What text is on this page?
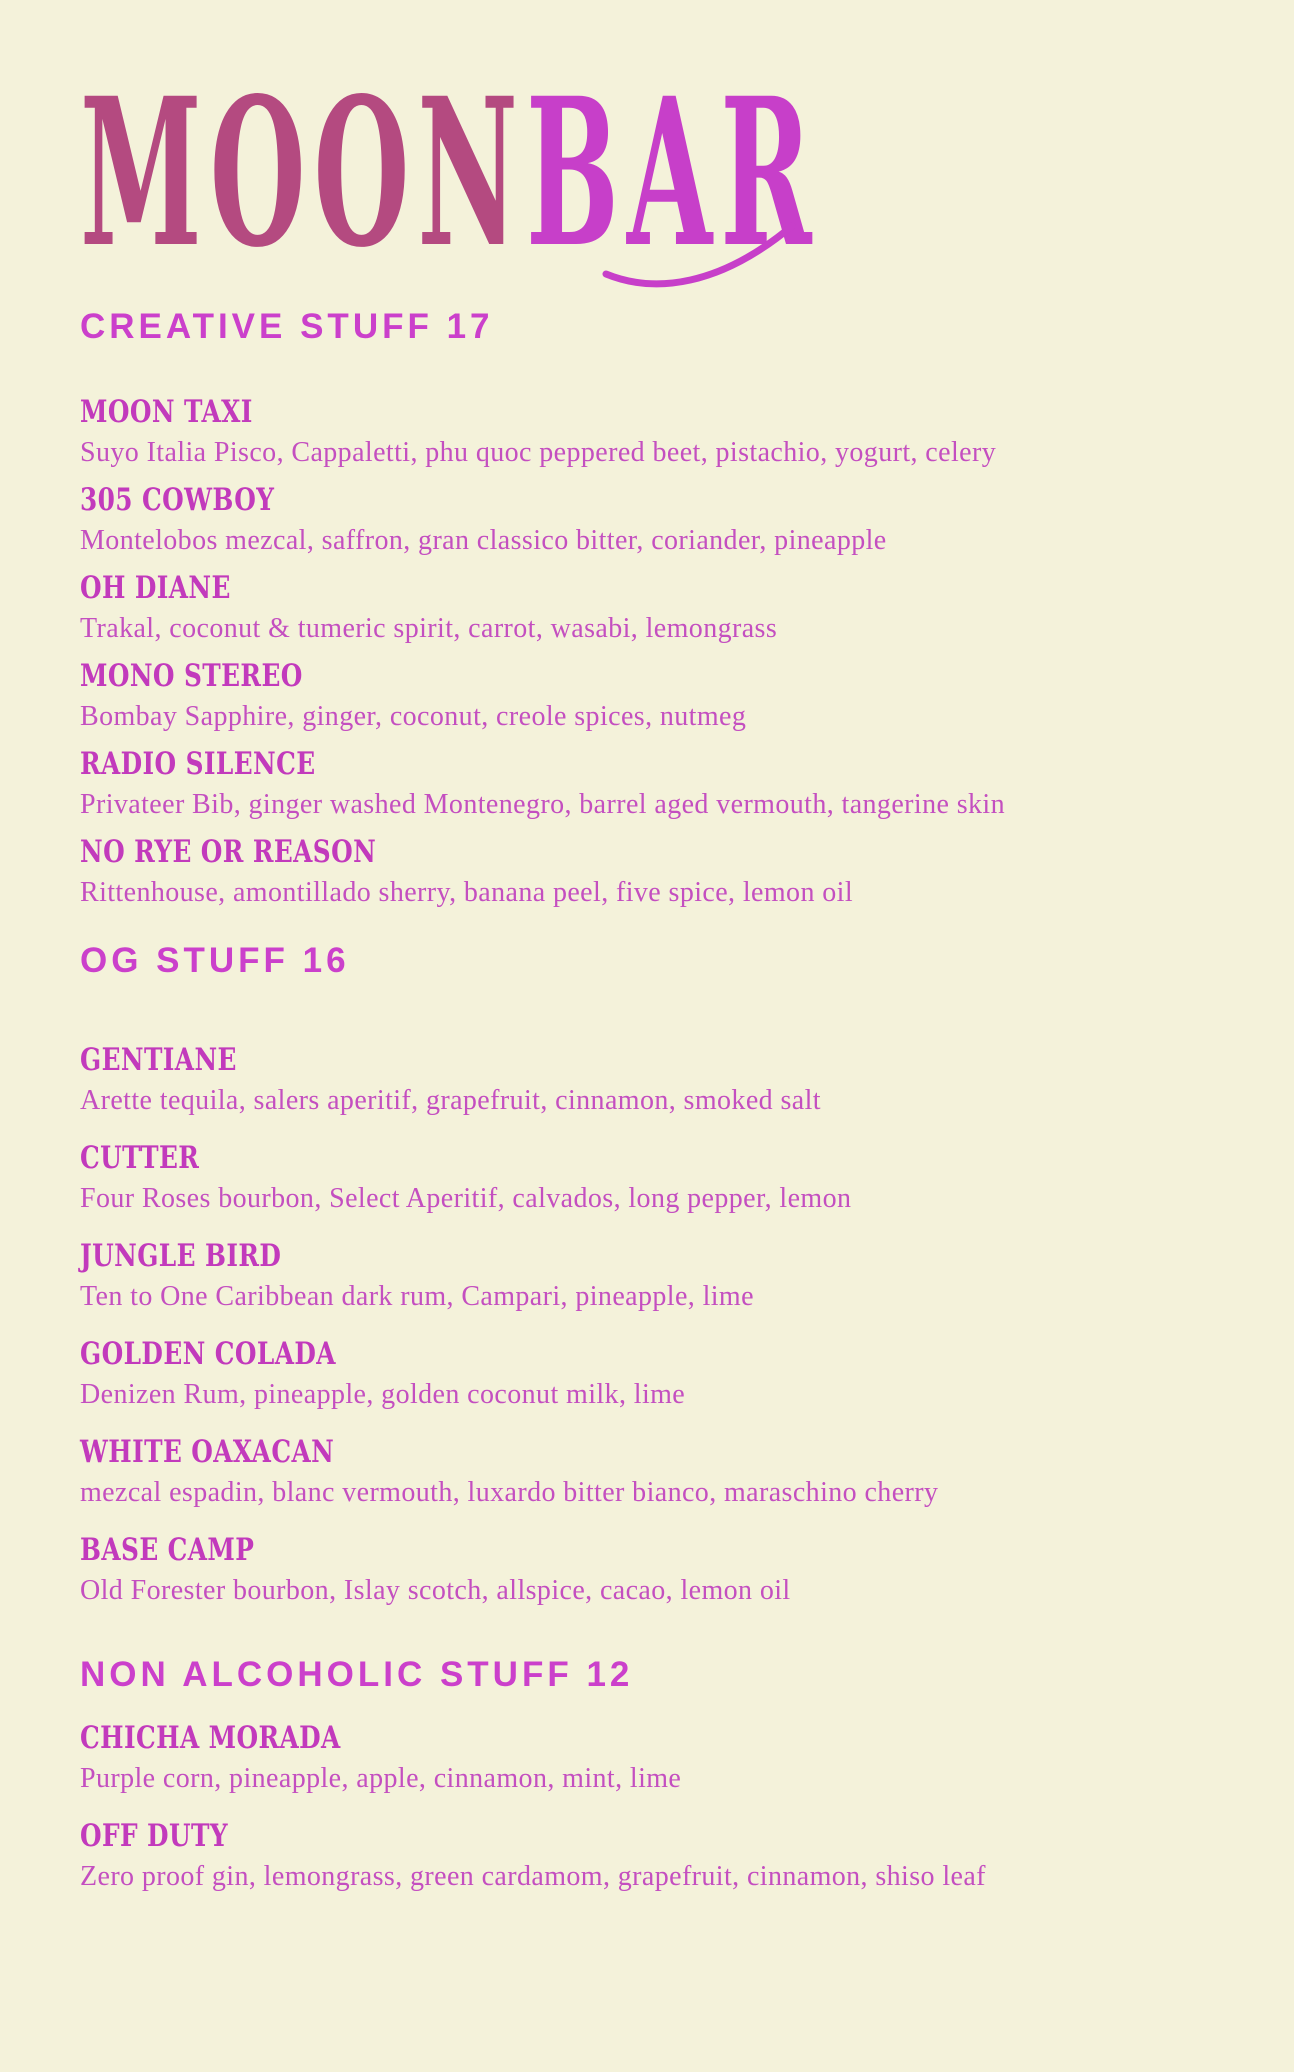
MOONBAR
CREATIVE STUFF 17
MOON TAXI

Suyo Italia Pisco, Cappaletti, phu quoc peppered beet, pistachio, yogurt, celery

305 COWBOY

Montelobos mezcal, saffron, gran classico bitter, coriander, pineapple

OH DIANE

Trakal, coconut & tumeric spirit, carrot, wasabi, lemongrass

MONO STEREO

Bombay Sapphire, ginger, coconut, creole spices, nutmeg

RADIO SILENCE

Privateer Bib, ginger washed Montenegro, barrel aged vermouth, tangerine skin

NO RYE OR REASON

Rittenhouse, amontillado sherry, banana peel, five spice, lemon oil

OG STUFF 16
GENTIANE

Arette tequila, salers aperitif, grapefruit, cinnamon, smoked salt

CUTTER

Four Roses bourbon, Select Aperitif, calvados, long pepper, lemon

JUNGLE BIRD

Ten to One Caribbean dark rum, Campari, pineapple, lime

GOLDEN COLADA

Denizen Rum, pineapple, golden coconut milk, lime

WHITE OAXACAN

mezcal espadin, blanc vermouth, luxardo bitter bianco, maraschino cherry

BASE CAMP

Old Forester bourbon, Islay scotch, allspice, cacao, lemon oil

NON ALCOHOLIC STUFF 12
CHICHA MORADA

Purple corn, pineapple, apple, cinnamon, mint, lime

OFF DUTY

Zero proof gin, lemongrass, green cardamom, grapefruit, cinnamon, shiso leaf
